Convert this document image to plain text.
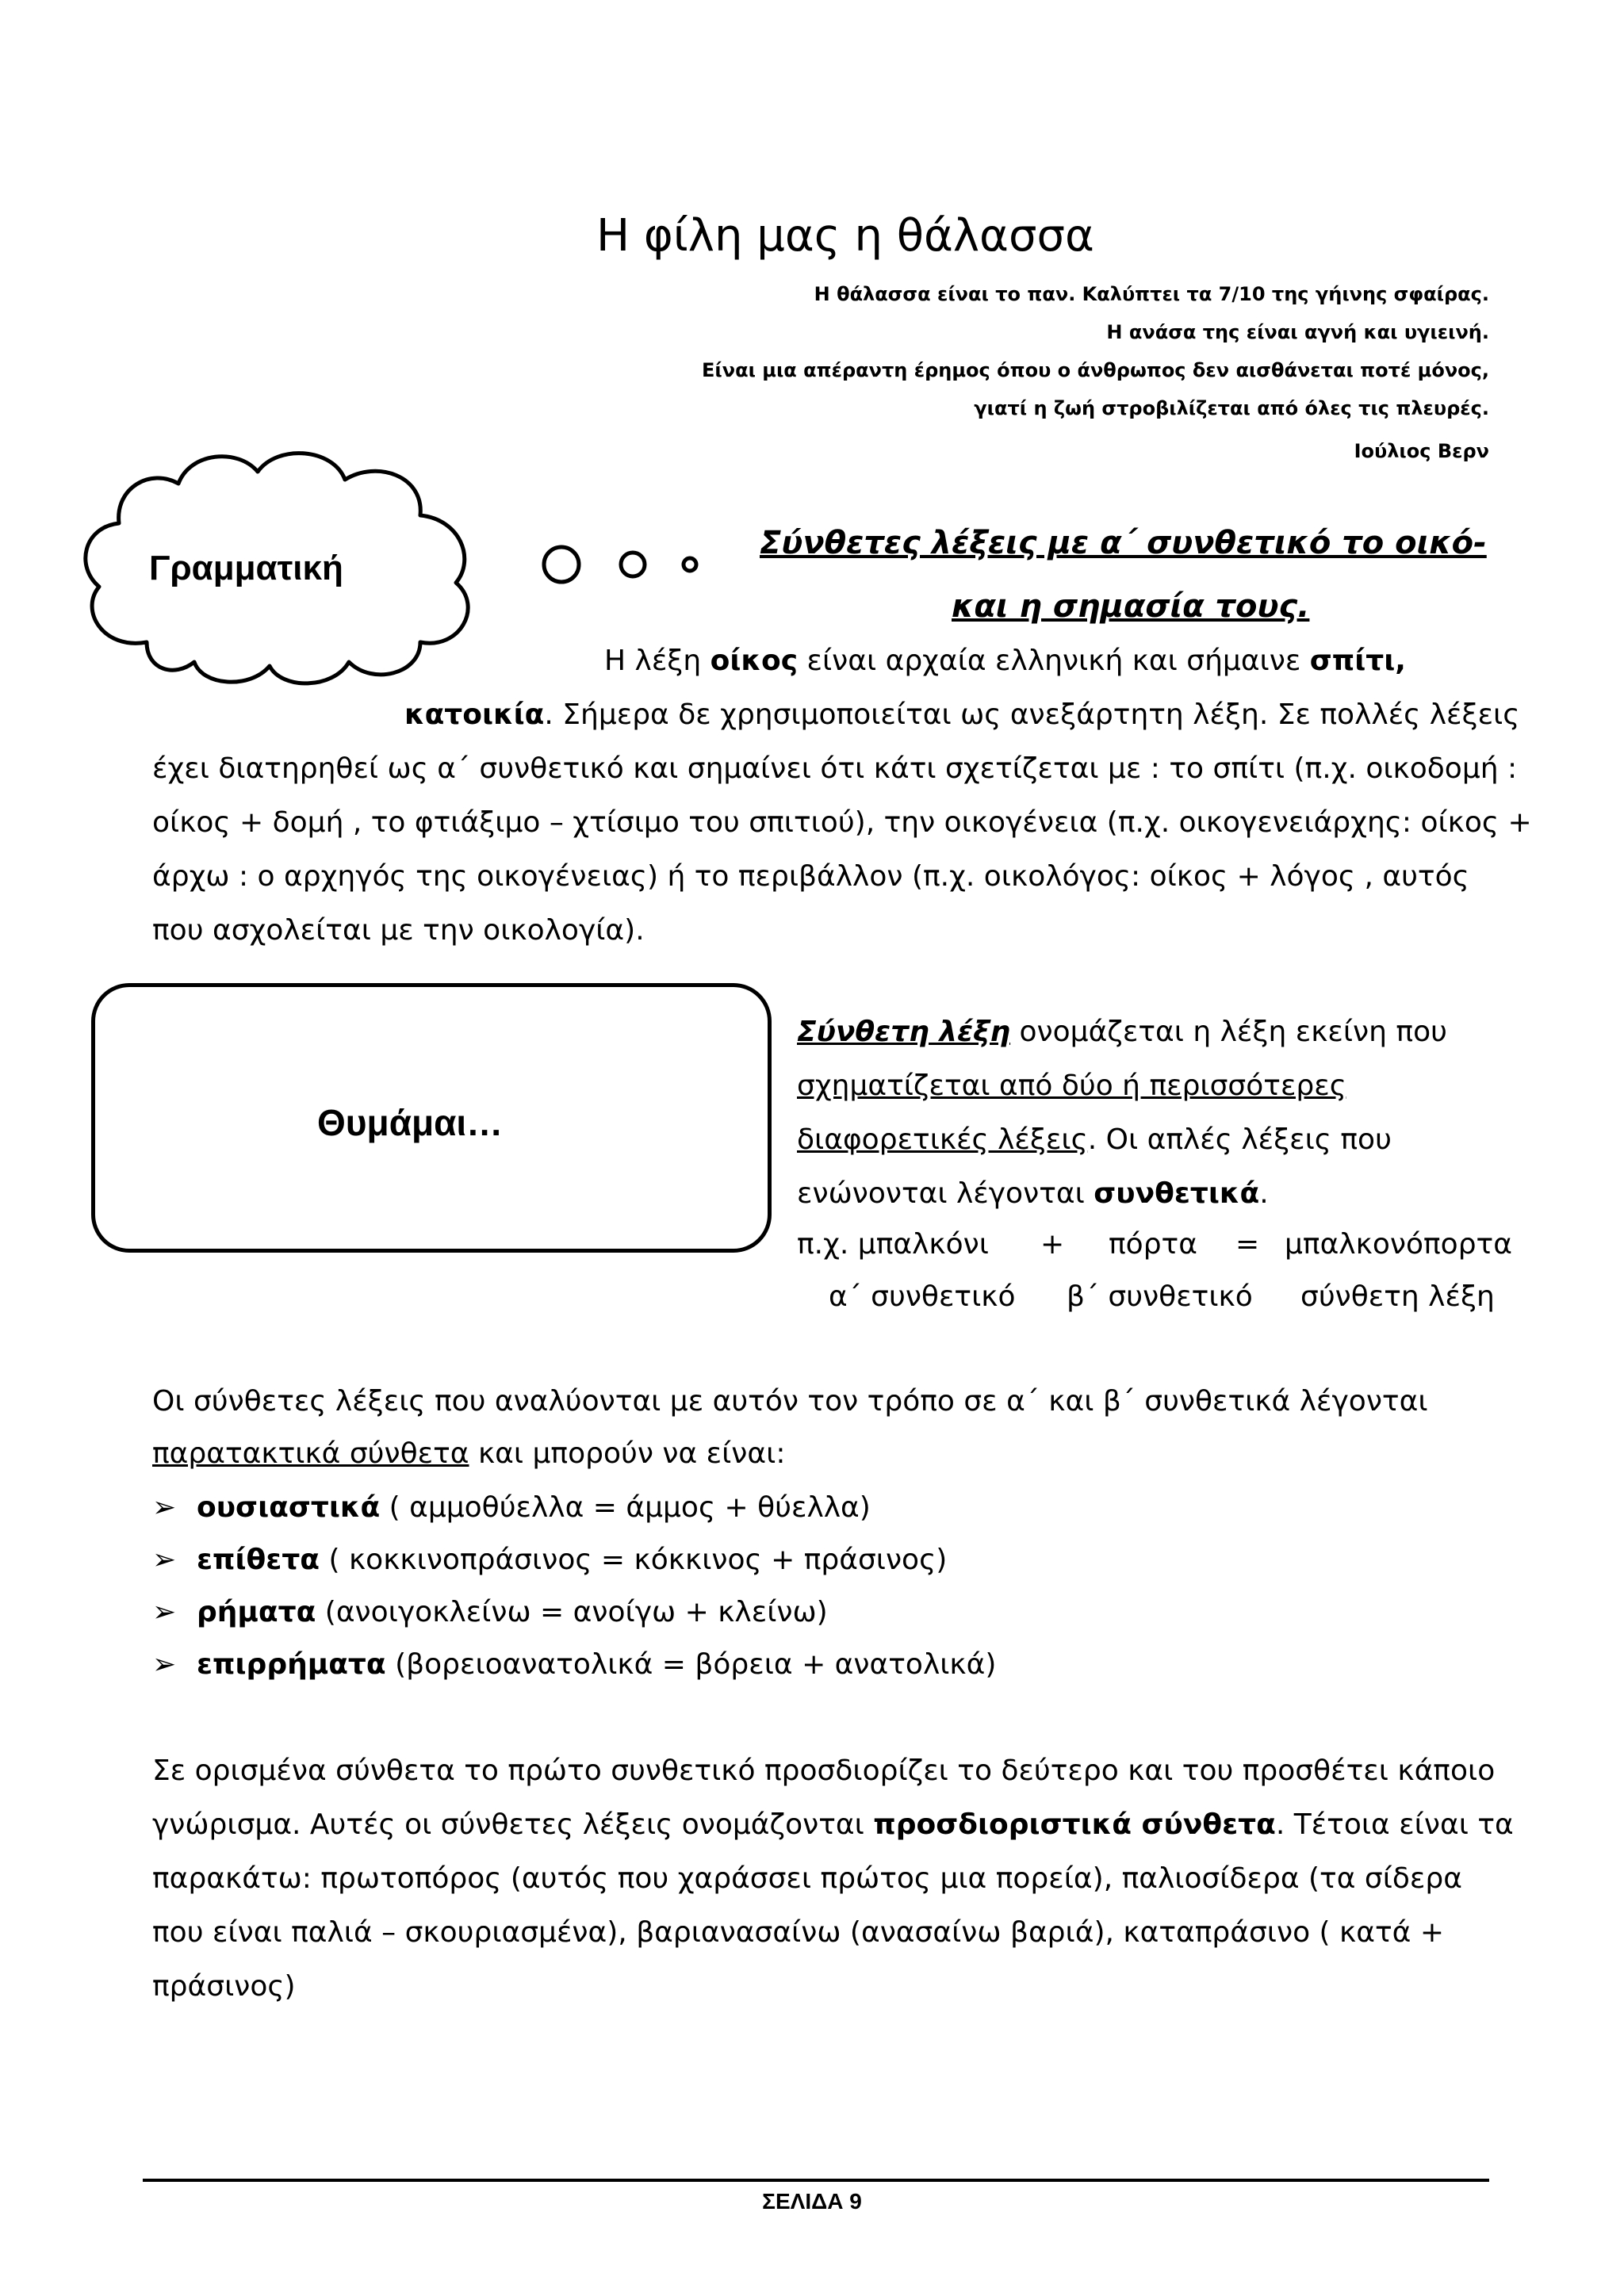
Η φίλη μας η θάλασσα
Η θάλασσα είναι το παν. Καλύπτει τα 7/10 της γήινης σφαίρας.
Η ανάσα της είναι αγνή και υγιεινή.
Είναι μια απέραντη έρημος όπου ο άνθρωπος δεν αισθάνεται ποτέ μόνος,
γιατί η ζωή στροβιλίζεται από όλες τις πλευρές.
Ιούλιος Βερν
Γραμματική
Σύνθετες λέξεις με α΄ συνθετικό το οικό-
και η σημασία τους.
Η λέξη οίκος είναι αρχαία ελληνική και σήμαινε σπίτι,
κατοικία. Σήμερα δε χρησιμοποιείται ως ανεξάρτητη λέξη. Σε πολλές λέξεις
έχει διατηρηθεί ως α΄ συνθετικό και σημαίνει ότι κάτι σχετίζεται με : το σπίτι (π.χ. οικοδομή :
οίκος + δομή , το φτιάξιμο – χτίσιμο του σπιτιού), την οικογένεια (π.χ. οικογενειάρχης: οίκος +
άρχω : ο αρχηγός της οικογένειας) ή το περιβάλλον (π.χ. οικολόγος: οίκος + λόγος , αυτός
που ασχολείται με την οικολογία).
Θυμάμαι…
Σύνθετη λέξη ονομάζεται η λέξη εκείνη που
σχηματίζεται από δύο ή περισσότερες
διαφορετικές λέξεις. Οι απλές λέξεις που
ενώνονται λέγονται συνθετικά.
π.χ. μπαλκόνι + πόρτα = μπαλκονόπορτα
α΄ συνθετικό β΄ συνθετικό σύνθετη λέξη
Οι σύνθετες λέξεις που αναλύονται με αυτόν τον τρόπο σε α΄ και β΄ συνθετικά λέγονται
παρατακτικά σύνθετα και μπορούν να είναι:
➢ ουσιαστικά ( αμμοθύελλα = άμμος + θύελλα)
➢ επίθετα ( κοκκινοπράσινος = κόκκινος + πράσινος)
➢ ρήματα (ανοιγοκλείνω = ανοίγω + κλείνω)
➢ επιρρήματα (βορειοανατολικά = βόρεια + ανατολικά)
Σε ορισμένα σύνθετα το πρώτο συνθετικό προσδιορίζει το δεύτερο και του προσθέτει κάποιο
γνώρισμα. Αυτές οι σύνθετες λέξεις ονομάζονται προσδιοριστικά σύνθετα. Τέτοια είναι τα
παρακάτω: πρωτοπόρος (αυτός που χαράσσει πρώτος μια πορεία), παλιοσίδερα (τα σίδερα
που είναι παλιά – σκουριασμένα), βαριανασαίνω (ανασαίνω βαριά), καταπράσινο ( κατά +
πράσινος)
ΣΕΛΙΔΑ 9
